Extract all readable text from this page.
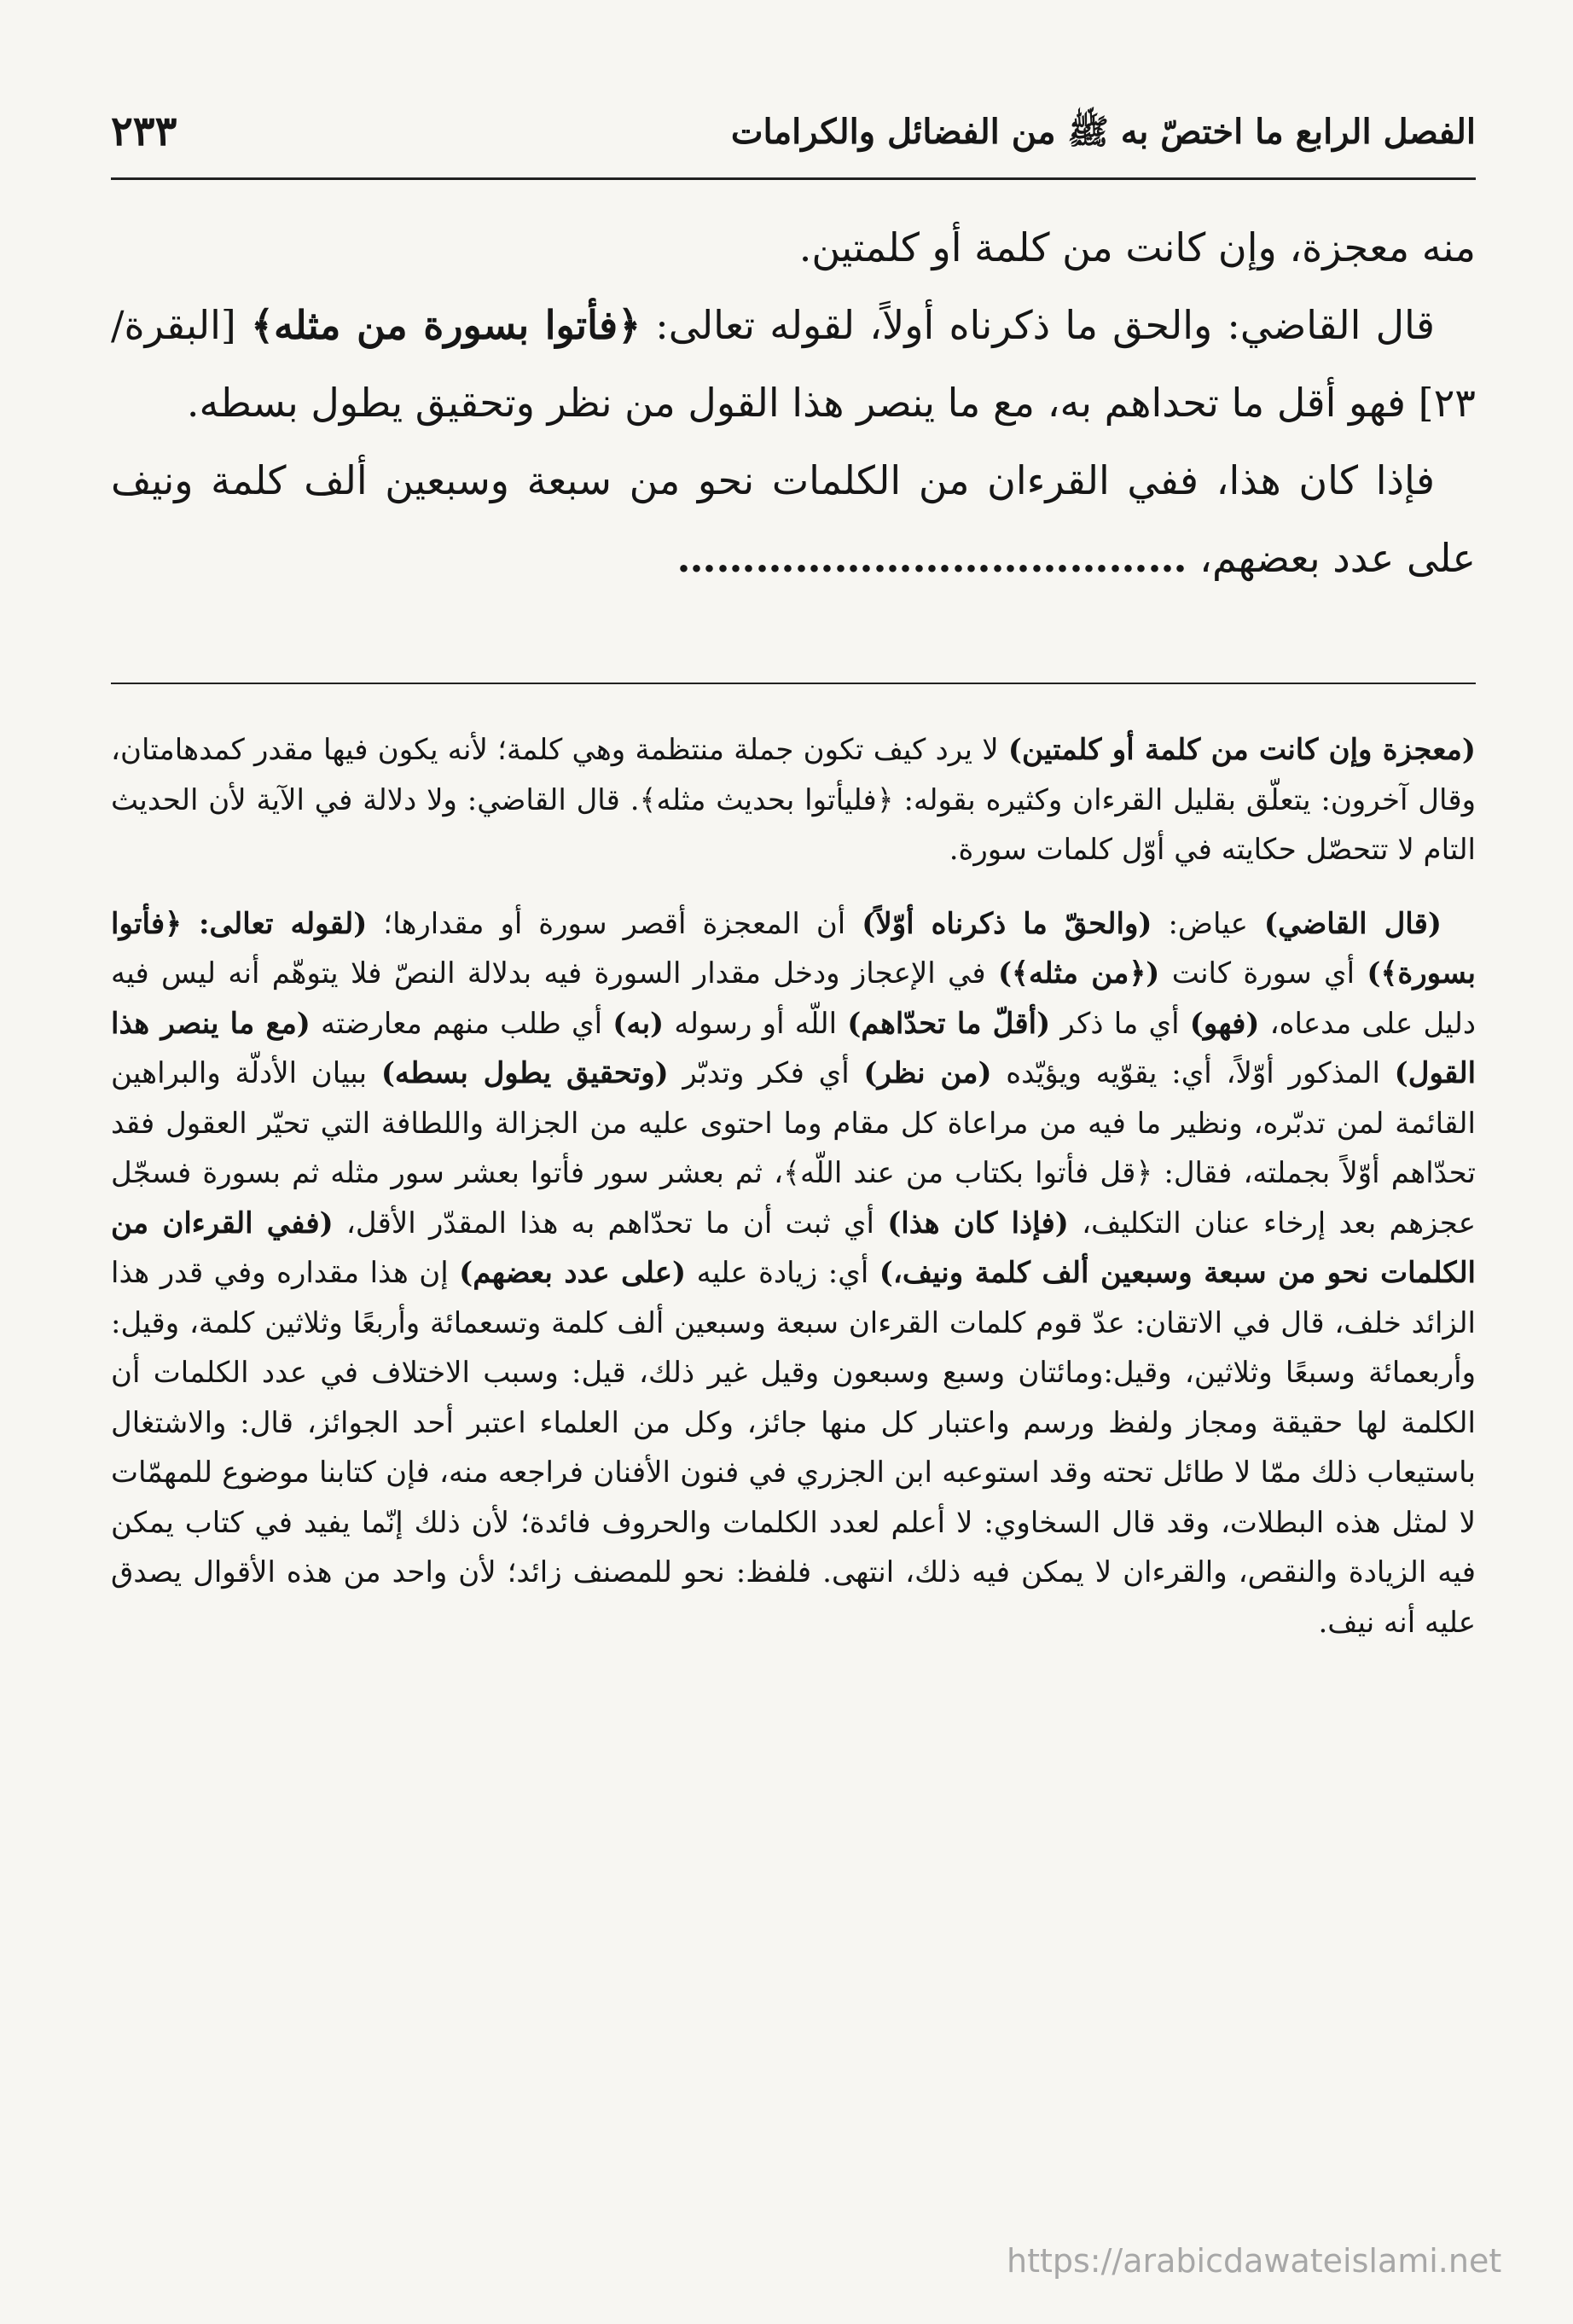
الفصل الرابع ما اختصّ به ﷺ من الفضائل والكرامات
٢٣٣

منه معجزة، وإن كانت من كلمة أو كلمتين.

قال القاضي: والحق ما ذكرناه أولاً، لقوله تعالى: ﴿فأتوا بسورة من مثله﴾ [البقرة/٢٣] فهو أقل ما تحداهم به، مع ما ينصر هذا القول من نظر وتحقيق يطول بسطه.

فإذا كان هذا، ففي القرءان من الكلمات نحو من سبعة وسبعين ألف كلمة ونيف على عدد بعضهم، …………………………………

(معجزة وإن كانت من كلمة أو كلمتين) لا يرد كيف تكون جملة منتظمة وهي كلمة؛ لأنه يكون فيها مقدر كمدهامتان، وقال آخرون: يتعلّق بقليل القرءان وكثيره بقوله: ﴿فليأتوا بحديث مثله﴾. قال القاضي: ولا دلالة في الآية لأن الحديث التام لا تتحصّل حكايته في أوّل كلمات سورة.

(قال القاضي) عياض: (والحقّ ما ذكرناه أوّلاً) أن المعجزة أقصر سورة أو مقدارها؛ (لقوله تعالى: ﴿فأتوا بسورة﴾) أي سورة كانت (﴿من مثله﴾) في الإعجاز ودخل مقدار السورة فيه بدلالة النصّ فلا يتوهّم أنه ليس فيه دليل على مدعاه، (فهو) أي ما ذكر (أقلّ ما تحدّاهم) اللّه أو رسوله (به) أي طلب منهم معارضته (مع ما ينصر هذا القول) المذكور أوّلاً، أي: يقوّيه ويؤيّده (من نظر) أي فكر وتدبّر (وتحقيق يطول بسطه) ببيان الأدلّة والبراهين القائمة لمن تدبّره، ونظير ما فيه من مراعاة كل مقام وما احتوى عليه من الجزالة واللطافة التي تحيّر العقول فقد تحدّاهم أوّلاً بجملته، فقال: ﴿قل فأتوا بكتاب من عند اللّه﴾، ثم بعشر سور فأتوا بعشر سور مثله ثم بسورة فسجّل عجزهم بعد إرخاء عنان التكليف، (فإذا كان هذا) أي ثبت أن ما تحدّاهم به هذا المقدّر الأقل، (ففي القرءان من الكلمات نحو من سبعة وسبعين ألف كلمة ونيف،) أي: زيادة عليه (على عدد بعضهم) إن هذا مقداره وفي قدر هذا الزائد خلف، قال في الاتقان: عدّ قوم كلمات القرءان سبعة وسبعين ألف كلمة وتسعمائة وأربعًا وثلاثين كلمة، وقيل: وأربعمائة وسبعًا وثلاثين، وقيل:ومائتان وسبع وسبعون وقيل غير ذلك، قيل: وسبب الاختلاف في عدد الكلمات أن الكلمة لها حقيقة ومجاز ولفظ ورسم واعتبار كل منها جائز، وكل من العلماء اعتبر أحد الجوائز، قال: والاشتغال باستيعاب ذلك ممّا لا طائل تحته وقد استوعبه ابن الجزري في فنون الأفنان فراجعه منه، فإن كتابنا موضوع للمهمّات لا لمثل هذه البطلات، وقد قال السخاوي: لا أعلم لعدد الكلمات والحروف فائدة؛ لأن ذلك إنّما يفيد في كتاب يمكن فيه الزيادة والنقص، والقرءان لا يمكن فيه ذلك، انتهى. فلفظ: نحو للمصنف زائد؛ لأن واحد من هذه الأقوال يصدق عليه أنه نيف.

https://arabicdawateislami.net
